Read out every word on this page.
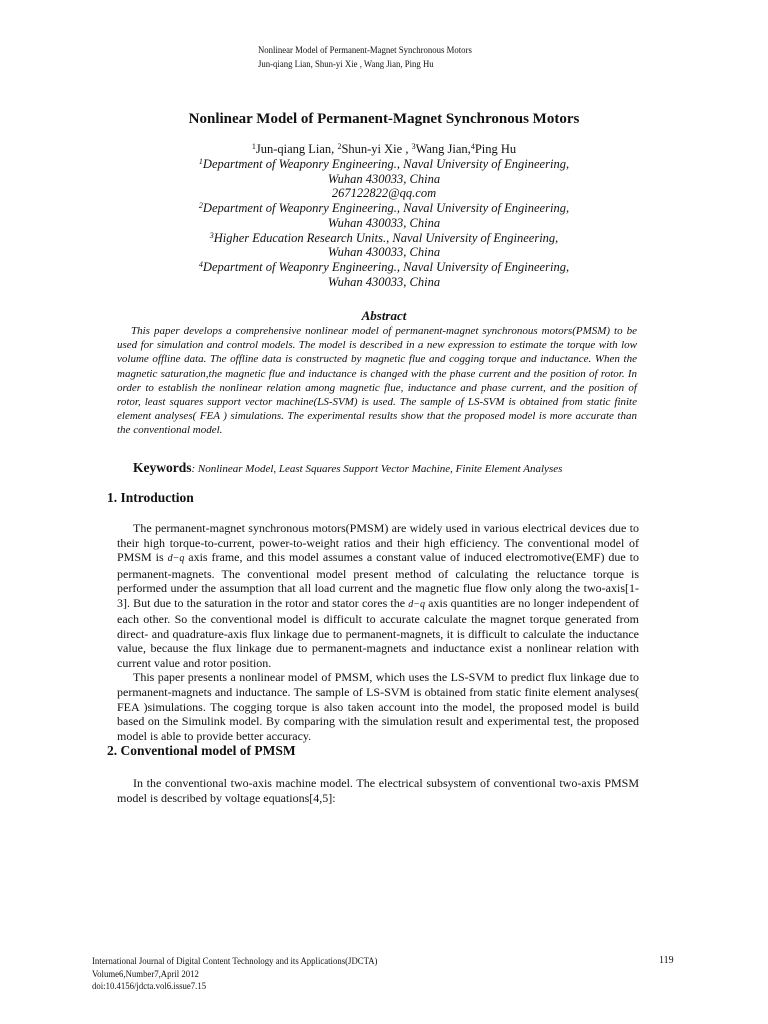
Nonlinear Model of Permanent-Magnet Synchronous Motors
Jun-qiang Lian, Shun-yi Xie , Wang Jian, Ping Hu
Nonlinear Model of Permanent-Magnet Synchronous Motors
$^1$Jun-qiang Lian, $^2$Shun-yi Xie , $^3$Wang Jian,$^4$Ping Hu
$^1$Department of Weaponry Engineering., Naval University of Engineering,
Wuhan 430033, China
267122822@qq.com
$^2$Department of Weaponry Engineering., Naval University of Engineering,
Wuhan 430033, China
$^3$Higher Education Research Units., Naval University of Engineering,
Wuhan 430033, China
$^4$Department of Weaponry Engineering., Naval University of Engineering,
Wuhan 430033, China
Abstract
This paper develops a comprehensive nonlinear model of permanent-magnet synchronous motors(PMSM) to be used for simulation and control models. The model is described in a new expression to estimate the torque with low volume offline data. The offline data is constructed by magnetic flue and cogging torque and inductance. When the magnetic saturation,the magnetic flue and inductance is changed with the phase current and the position of rotor. In order to establish the nonlinear relation among magnetic flue, inductance and phase current, and the position of rotor, least squares support vector machine(LS-SVM) is used. The sample of LS-SVM is obtained from static finite element analyses( FEA ) simulations. The experimental results show that the proposed model is more accurate than the conventional model.
Keywords: Nonlinear Model, Least Squares Support Vector Machine, Finite Element Analyses
1. Introduction

The permanent-magnet synchronous motors(PMSM) are widely used in various electrical devices due to their high torque-to-current, power-to-weight ratios and their high efficiency. The conventional model of PMSM is d−q axis frame, and this model assumes a constant value of induced electromotive(EMF) due to permanent-magnets. The conventional model present method of calculating the reluctance torque is performed under the assumption that all load current and the magnetic flue flow only along the two-axis[1-3]. But due to the saturation in the rotor and stator cores the d−q axis quantities are no longer independent of each other. So the conventional model is difficult to accurate calculate the magnet torque generated from direct- and quadrature-axis flux linkage due to permanent-magnets, it is difficult to calculate the inductance value, because the flux linkage due to permanent-magnets and inductance exist a nonlinear relation with current value and rotor position.

This paper presents a nonlinear model of PMSM, which uses the LS-SVM to predict flux linkage due to permanent-magnets and inductance. The sample of LS-SVM is obtained from static finite element analyses( FEA )simulations. The cogging torque is also taken account into the model, the proposed model is build based on the Simulink model. By comparing with the simulation result and experimental test, the proposed model is able to provide better accuracy.

2. Conventional model of PMSM

In the conventional two-axis machine model. The electrical subsystem of conventional two-axis PMSM model is described by voltage equations[4,5]:

International Journal of Digital Content Technology and its Applications(JDCTA)
Volume6,Number7,April 2012
doi:10.4156/jdcta.vol6.issue7.15
119
